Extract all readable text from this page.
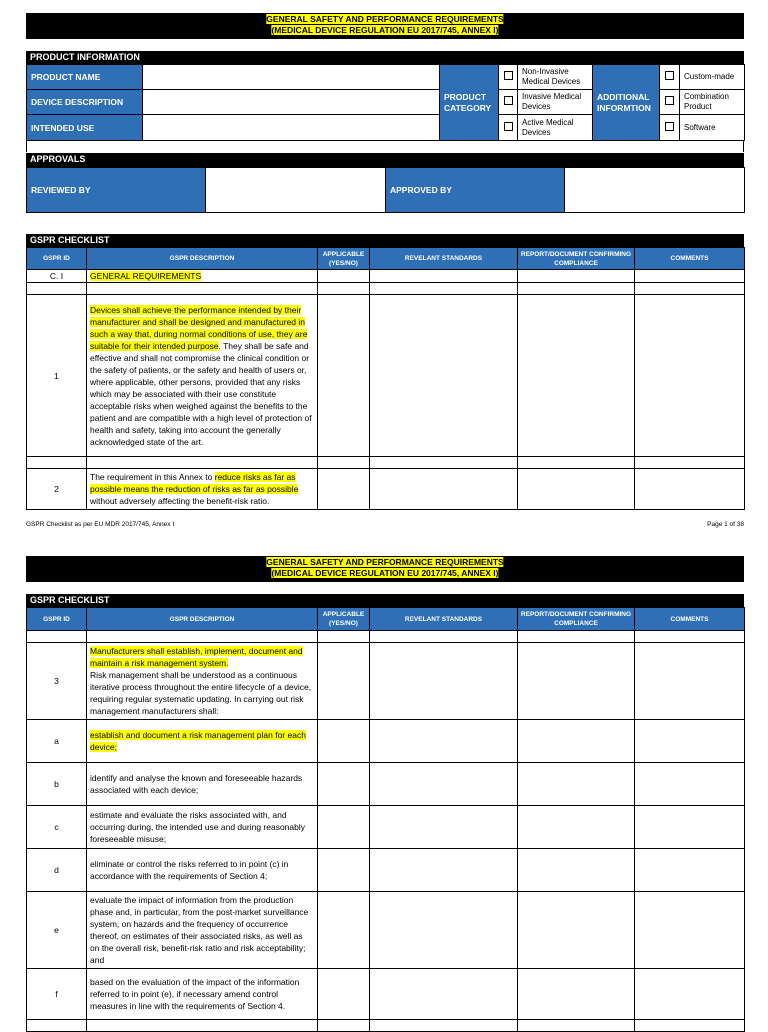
GENERAL SAFETY AND PERFORMANCE REQUIREMENTS
(MEDICAL DEVICE REGULATION EU 2017/745, ANNEX I)
PRODUCT INFORMATION
PRODUCT NAME		PRODUCT CATEGORY		Non-Invasive Medical Devices	ADDITIONAL INFORMTION		Custom-made
DEVICE DESCRIPTION				Invasive Medical Devices			Combination Product
INTENDED USE				Active Medical Devices			Software
APPROVALS
REVIEWED BY		APPROVED BY	
GSPR CHECKLIST
GSPR ID	GSPR DESCRIPTION	APPLICABLE (YES/NO)	REVELANT STANDARDS	REPORT/DOCUMENT CONFIRMING COMPLIANCE	COMMENTS
C. I	GENERAL REQUIREMENTS				

1	Devices shall achieve the performance intended by their manufacturer and shall be designed and manufactured in such a way that, during normal conditions of use, they are suitable for their intended purpose. They shall be safe and effective and shall not compromise the clinical condition or the safety of patients, or the safety and health of users or, where applicable, other persons, provided that any risks which may be associated with their use constitute acceptable risks when weighed against the benefits to the patient and are compatible with a high level of protection of health and safety, taking into account the generally acknowledged state of the art.				

2	The requirement in this Annex to reduce risks as far as possible means the reduction of risks as far as possible without adversely affecting the benefit-risk ratio.				
GSPR Checklist as per EU MDR 2017/745, Annex I	Page 1 of 38
GENERAL SAFETY AND PERFORMANCE REQUIREMENTS
(MEDICAL DEVICE REGULATION EU 2017/745, ANNEX I)
GSPR CHECKLIST
GSPR ID	GSPR DESCRIPTION	APPLICABLE (YES/NO)	REVELANT STANDARDS	REPORT/DOCUMENT CONFIRMING COMPLIANCE	COMMENTS

3	Manufacturers shall establish, implement, document and maintain a risk management system.
Risk management shall be understood as a continuous iterative process throughout the entire lifecycle of a device, requiring regular systematic updating. In carrying out risk management manufacturers shall:				
a	establish and document a risk management plan for each device;				
b	identify and analyse the known and foreseeable hazards associated with each device;				
c	estimate and evaluate the risks associated with, and occurring during, the intended use and during reasonably foreseeable misuse;				
d	eliminate or control the risks referred to in point (c) in accordance with the requirements of Section 4;				
e	evaluate the impact of information from the production phase and, in particular, from the post-market surveillance system, on hazards and the frequency of occurrence thereof, on estimates of their associated risks, as well as on the overall risk, benefit-risk ratio and risk acceptability; and				
f	based on the evaluation of the impact of the information referred to in point (e), if necessary amend control measures in line with the requirements of Section 4.				
